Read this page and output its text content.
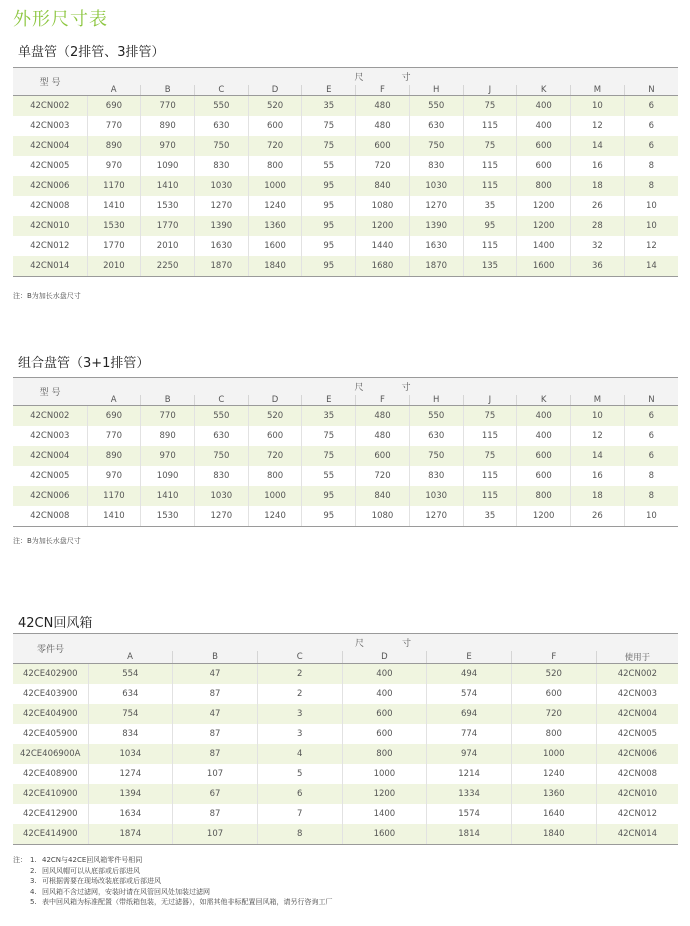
外形尺寸表
单盘管（2排管、3排管）
型 号	尺寸										
	A	B	C	D	E	F	H	J	K	M	N
42CN002	690	770	550	520	35	480	550	75	400	10	6
42CN003	770	890	630	600	75	480	630	115	400	12	6
42CN004	890	970	750	720	75	600	750	75	600	14	6
42CN005	970	1090	830	800	55	720	830	115	600	16	8
42CN006	1170	1410	1030	1000	95	840	1030	115	800	18	8
42CN008	1410	1530	1270	1240	95	1080	1270	35	1200	26	10
42CN010	1530	1770	1390	1360	95	1200	1390	95	1200	28	10
42CN012	1770	2010	1630	1600	95	1440	1630	115	1400	32	12
42CN014	2010	2250	1870	1840	95	1680	1870	135	1600	36	14

注：B为加长水盘尺寸

组合盘管（3+1排管）
型 号	尺寸										
	A	B	C	D	E	F	H	J	K	M	N
42CN002	690	770	550	520	35	480	550	75	400	10	6
42CN003	770	890	630	600	75	480	630	115	400	12	6
42CN004	890	970	750	720	75	600	750	75	600	14	6
42CN005	970	1090	830	800	55	720	830	115	600	16	8
42CN006	1170	1410	1030	1000	95	840	1030	115	800	18	8
42CN008	1410	1530	1270	1240	95	1080	1270	35	1200	26	10

注：B为加长水盘尺寸

42CN回风箱
零件号	尺寸						
	A	B	C	D	E	F	使用于
42CE402900	554	47	2	400	494	520	42CN002
42CE403900	634	87	2	400	574	600	42CN003
42CE404900	754	47	3	600	694	720	42CN004
42CE405900	834	87	3	600	774	800	42CN005
42CE406900A	1034	87	4	800	974	1000	42CN006
42CE408900	1274	107	5	1000	1214	1240	42CN008
42CE410900	1394	67	6	1200	1334	1360	42CN010
42CE412900	1634	87	7	1400	1574	1640	42CN012
42CE414900	1874	107	8	1600	1814	1840	42CN014
注： 1. 42CN与42CE回风箱零件号相同
2. 回风风帽可以从底部或后部进风
3. 可根据需要在现场改装底部或后部进风
4. 回风箱不含过滤网，安装时请在风管回风处加装过滤网
5. 表中回风箱为标准配置（带纸箱包装，无过滤器），如需其他非标配置回风箱，请另行咨询工厂
